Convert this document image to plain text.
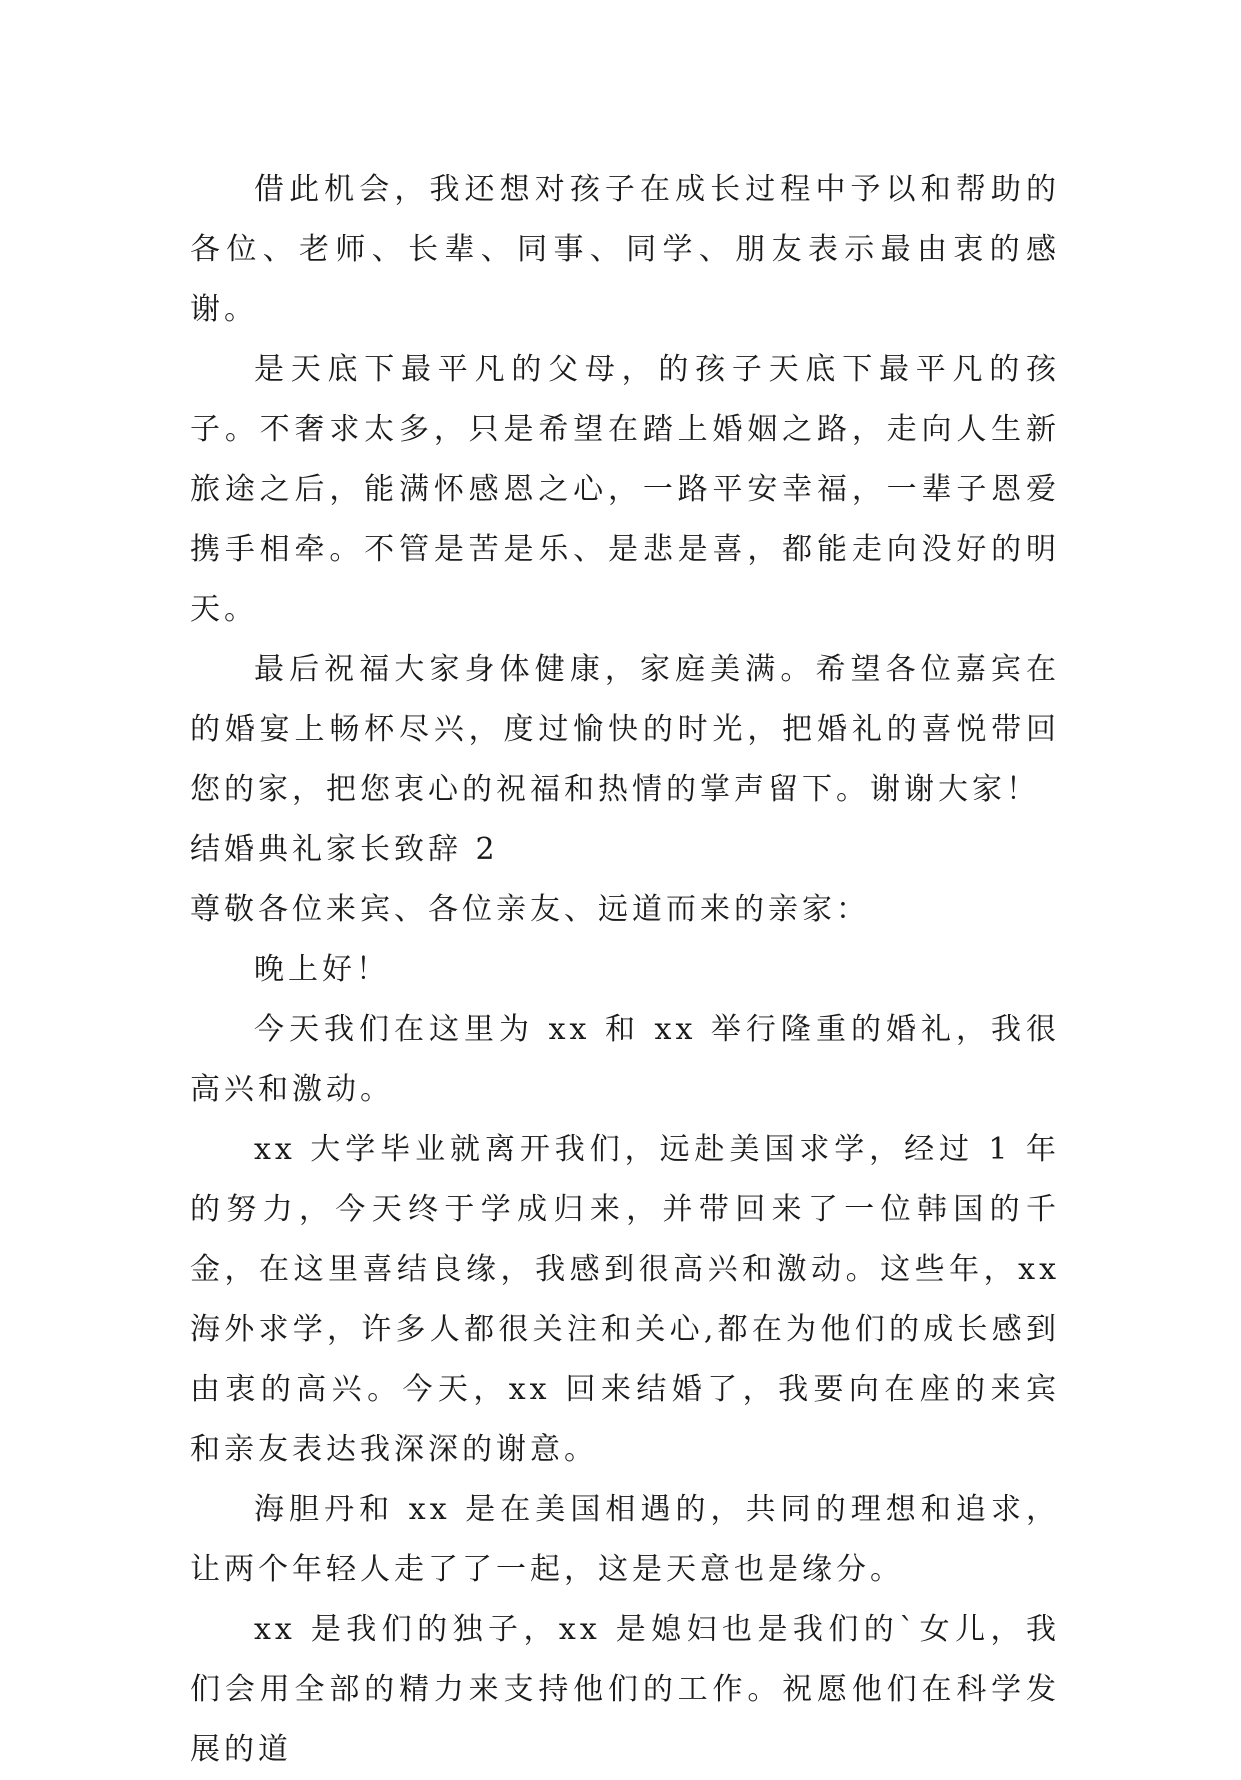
借此机会，我还想对孩子在成长过程中予以和帮助的各位、老师、长辈、同事、同学、朋友表示最由衷的感谢。

是天底下最平凡的父母，的孩子天底下最平凡的孩子。不奢求太多，只是希望在踏上婚姻之路，走向人生新旅途之后，能满怀感恩之心，一路平安幸福，一辈子恩爱携手相牵。不管是苦是乐、是悲是喜，都能走向没好的明天。

最后祝福大家身体健康，家庭美满。希望各位嘉宾在的婚宴上畅杯尽兴，度过愉快的时光，把婚礼的喜悦带回您的家，把您衷心的祝福和热情的掌声留下。谢谢大家！

结婚典礼家长致辞 2

尊敬各位来宾、各位亲友、远道而来的亲家：

晚上好！

今天我们在这里为 xx 和 xx 举行隆重的婚礼，我很高兴和激动。

xx 大学毕业就离开我们，远赴美国求学，经过 1 年的努力，今天终于学成归来，并带回来了一位韩国的千金，在这里喜结良缘，我感到很高兴和激动。这些年，xx 海外求学，许多人都很关注和关心,都在为他们的成长感到由衷的高兴。今天，xx 回来结婚了，我要向在座的来宾和亲友表达我深深的谢意。

海胆丹和 xx 是在美国相遇的，共同的理想和追求，让两个年轻人走了了一起，这是天意也是缘分。

xx 是我们的独子，xx 是媳妇也是我们的`女儿，我们会用全部的精力来支持他们的工作。祝愿他们在科学发展的道
